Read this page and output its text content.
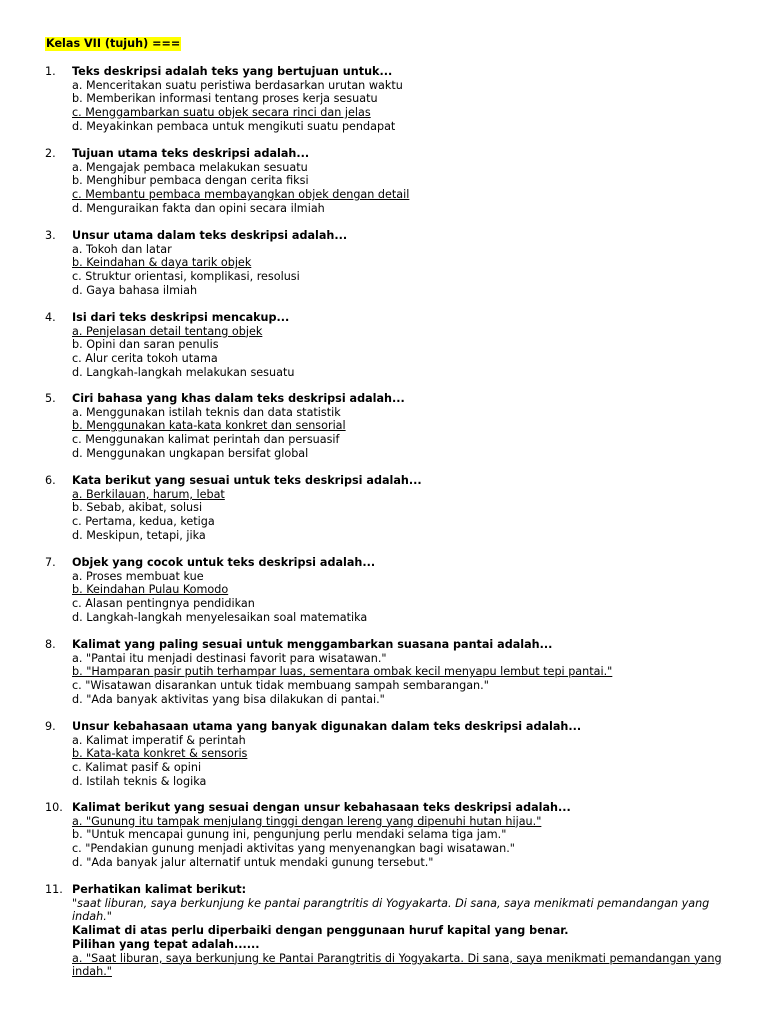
Kelas VII (tujuh) ===
1. Teks deskripsi adalah teks yang bertujuan untuk...
a. Menceritakan suatu peristiwa berdasarkan urutan waktu
b. Memberikan informasi tentang proses kerja sesuatu
c. Menggambarkan suatu objek secara rinci dan jelas
d. Meyakinkan pembaca untuk mengikuti suatu pendapat
2. Tujuan utama teks deskripsi adalah...
a. Mengajak pembaca melakukan sesuatu
b. Menghibur pembaca dengan cerita fiksi
c. Membantu pembaca membayangkan objek dengan detail
d. Menguraikan fakta dan opini secara ilmiah
3. Unsur utama dalam teks deskripsi adalah...
a. Tokoh dan latar
b. Keindahan & daya tarik objek
c. Struktur orientasi, komplikasi, resolusi
d. Gaya bahasa ilmiah
4. Isi dari teks deskripsi mencakup...
a. Penjelasan detail tentang objek
b. Opini dan saran penulis
c. Alur cerita tokoh utama
d. Langkah-langkah melakukan sesuatu
5. Ciri bahasa yang khas dalam teks deskripsi adalah...
a. Menggunakan istilah teknis dan data statistik
b. Menggunakan kata-kata konkret dan sensorial
c. Menggunakan kalimat perintah dan persuasif
d. Menggunakan ungkapan bersifat global
6. Kata berikut yang sesuai untuk teks deskripsi adalah...
a. Berkilauan, harum, lebat
b. Sebab, akibat, solusi
c. Pertama, kedua, ketiga
d. Meskipun, tetapi, jika
7. Objek yang cocok untuk teks deskripsi adalah...
a. Proses membuat kue
b. Keindahan Pulau Komodo
c. Alasan pentingnya pendidikan
d. Langkah-langkah menyelesaikan soal matematika
8. Kalimat yang paling sesuai untuk menggambarkan suasana pantai adalah...
a. "Pantai itu menjadi destinasi favorit para wisatawan."
b. "Hamparan pasir putih terhampar luas, sementara ombak kecil menyapu lembut tepi pantai."
c. "Wisatawan disarankan untuk tidak membuang sampah sembarangan."
d. "Ada banyak aktivitas yang bisa dilakukan di pantai."
9. Unsur kebahasaan utama yang banyak digunakan dalam teks deskripsi adalah...
a. Kalimat imperatif & perintah
b. Kata-kata konkret & sensoris
c. Kalimat pasif & opini
d. Istilah teknis & logika
10. Kalimat berikut yang sesuai dengan unsur kebahasaan teks deskripsi adalah...
a. "Gunung itu tampak menjulang tinggi dengan lereng yang dipenuhi hutan hijau."
b. "Untuk mencapai gunung ini, pengunjung perlu mendaki selama tiga jam."
c. "Pendakian gunung menjadi aktivitas yang menyenangkan bagi wisatawan."
d. "Ada banyak jalur alternatif untuk mendaki gunung tersebut."
11. Perhatikan kalimat berikut:
"saat liburan, saya berkunjung ke pantai parangtritis di Yogyakarta. Di sana, saya menikmati pemandangan yang indah."
Kalimat di atas perlu diperbaiki dengan penggunaan huruf kapital yang benar.
Pilihan yang tepat adalah......
a. "Saat liburan, saya berkunjung ke Pantai Parangtritis di Yogyakarta. Di sana, saya menikmati pemandangan yang indah."
